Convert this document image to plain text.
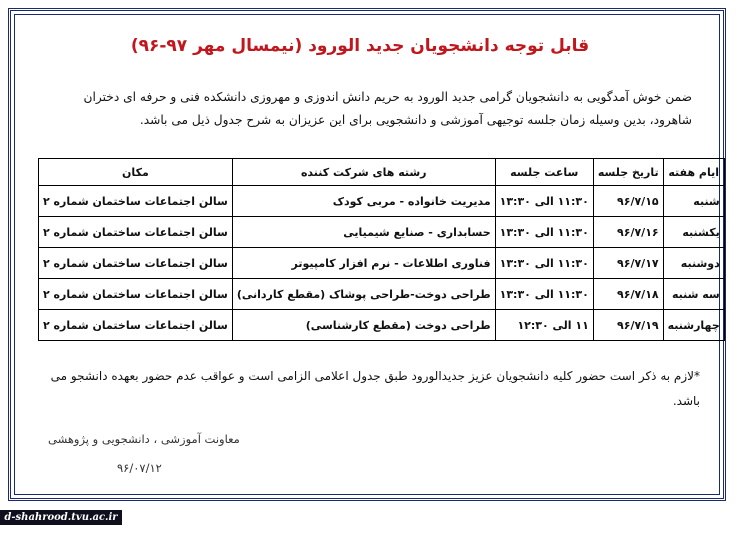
قابل توجه دانشجویان جدید الورود (نیمسال مهر ۹۷-۹۶)
ضمن خوش آمدگویی به دانشجویان گرامی جدید الورود به حریم دانش اندوزی و مهروزی دانشکده فنی و حرفه ای دختران شاهرود، بدین وسیله زمان جلسه توجیهی آموزشی و دانشجویی برای این عزیزان به شرح جدول ذیل می باشد.
ایام هفته	تاریخ جلسه	ساعت جلسه	رشته های شرکت کننده	مکان
شنبه	۹۶/۷/۱۵	۱۱:۳۰ الی ۱۳:۳۰	مدیریت خانواده - مربی کودک	سالن اجتماعات ساختمان شماره ۲
یکشنبه	۹۶/۷/۱۶	۱۱:۳۰ الی ۱۳:۳۰	حسابداری - صنایع شیمیایی	سالن اجتماعات ساختمان شماره ۲
دوشنبه	۹۶/۷/۱۷	۱۱:۳۰ الی ۱۳:۳۰	فناوری اطلاعات - نرم افزار کامپیوتر	سالن اجتماعات ساختمان شماره ۲
سه شنبه	۹۶/۷/۱۸	۱۱:۳۰ الی ۱۳:۳۰	طراحی دوخت-طراحی پوشاک (مقطع کاردانی)	سالن اجتماعات ساختمان شماره ۲
چهارشنبه	۹۶/۷/۱۹	۱۱ الی ۱۲:۳۰	طراحی دوخت (مقطع کارشناسی)	سالن اجتماعات ساختمان شماره ۲
*لازم به ذکر است حضور کلیه دانشجویان عزیز جدیدالورود طبق جدول اعلامی الزامی است و عواقب عدم حضور بعهده دانشجو می باشد.
معاونت آموزشی ، دانشجویی و پژوهشی
۹۶/۰۷/۱۲
d-shahrood.tvu.ac.ir
